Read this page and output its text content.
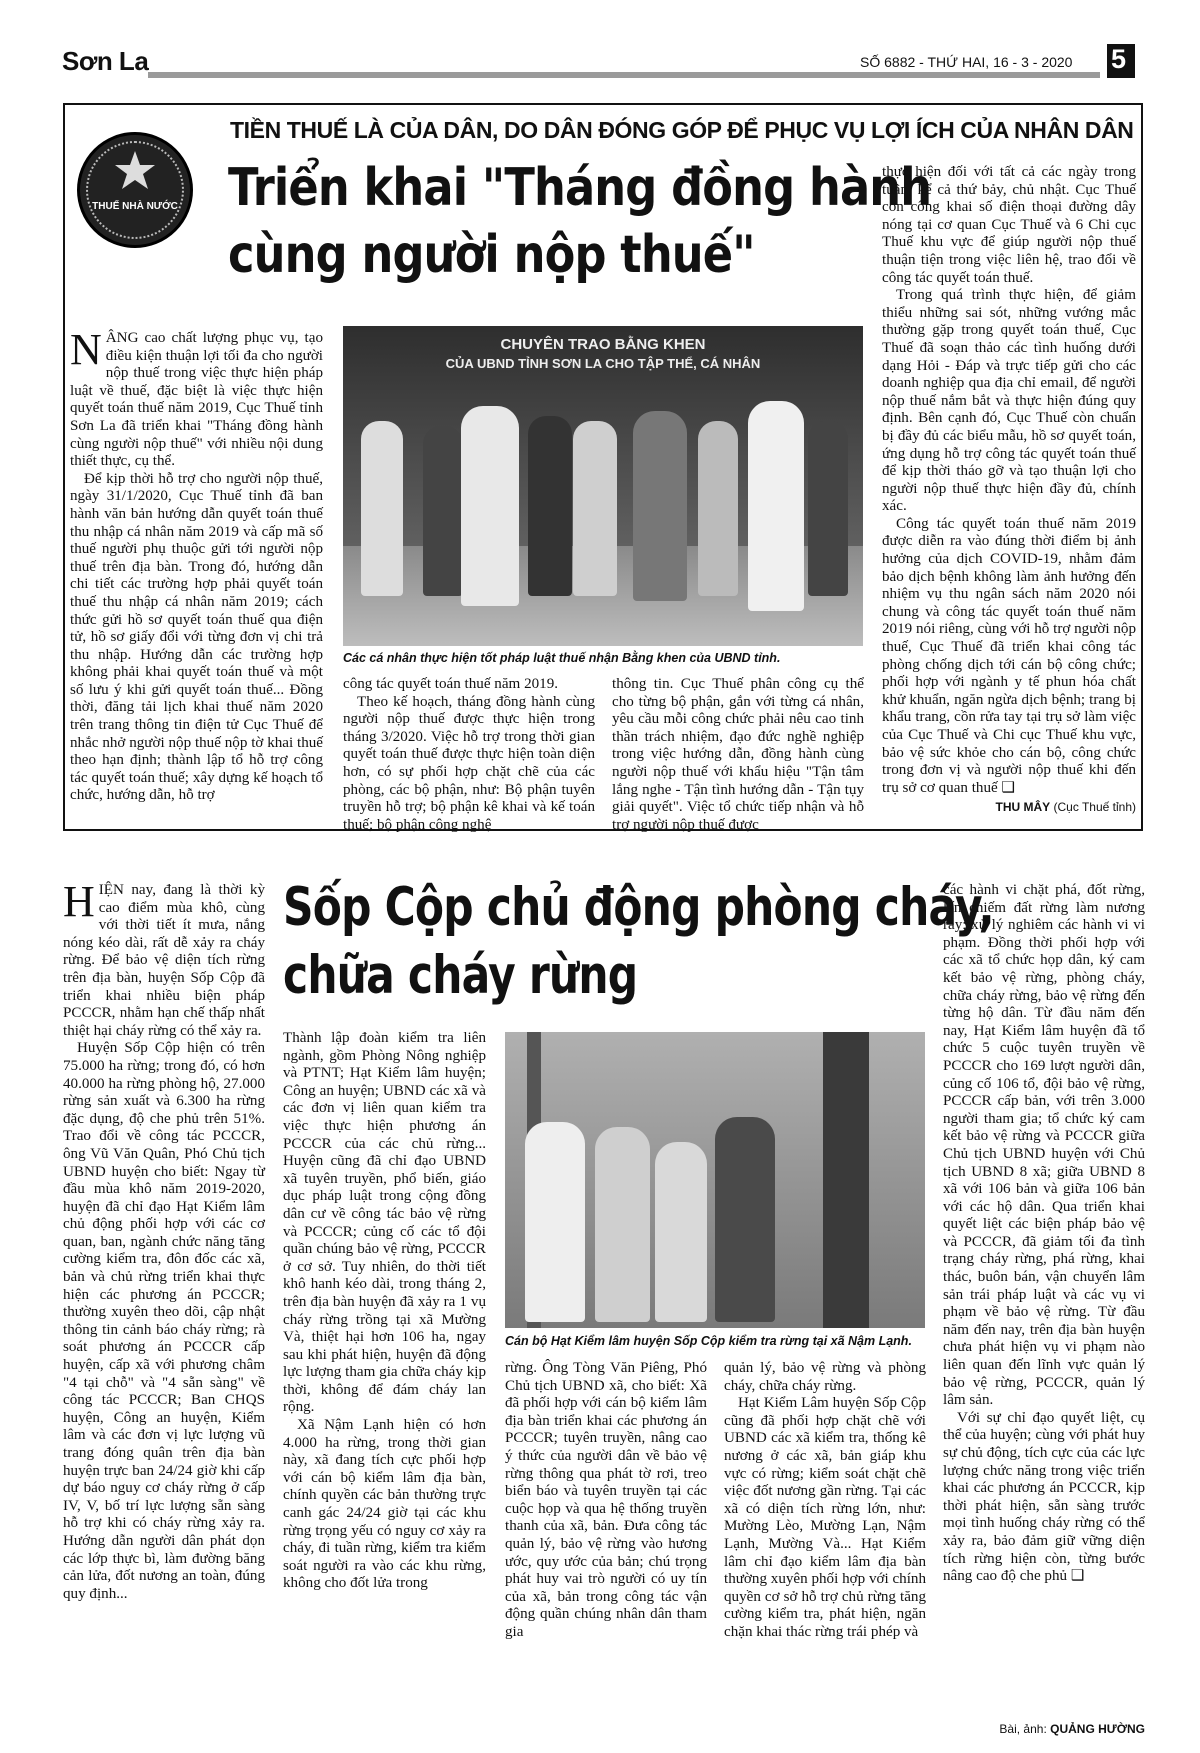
Sơn La	SỐ 6882 - THỨ HAI, 16 - 3 - 2020 5
THUẾ NHÀ NƯỚC
TIỀN THUẾ LÀ CỦA DÂN, DO DÂN ĐÓNG GÓP ĐỂ PHỤC VỤ LỢI ÍCH CỦA NHÂN DÂN
Triển khai "Tháng đồng hành
cùng người nộp thuế"
CHUYÊN TRAO BẰNG KHEN
CỦA UBND TỈNH SƠN LA CHO TẬP THỂ, CÁ NHÂN
Các cá nhân thực hiện tốt pháp luật thuế nhận Bằng khen của UBND tỉnh.
N ÂNG cao chất lượng phục vụ, tạo điều kiện thuận lợi tối đa cho người nộp thuế trong việc thực hiện pháp luật về thuế, đặc biệt là việc thực hiện quyết toán thuế năm 2019, Cục Thuế tỉnh Sơn La đã triển khai "Tháng đồng hành cùng người nộp thuế" với nhiều nội dung thiết thực, cụ thể.

Để kịp thời hỗ trợ cho người nộp thuế, ngày 31/1/2020, Cục Thuế tỉnh đã ban hành văn bản hướng dẫn quyết toán thuế thu nhập cá nhân năm 2019 và cấp mã số thuế người phụ thuộc gửi tới người nộp thuế trên địa bàn. Trong đó, hướng dẫn chi tiết các trường hợp phải quyết toán thuế thu nhập cá nhân năm 2019; cách thức gửi hồ sơ quyết toán thuế qua điện tử, hồ sơ giấy đổi với từng đơn vị chi trả thu nhập. Hướng dẫn các trường hợp không phải khai quyết toán thuế và một số lưu ý khi gửi quyết toán thuế... Đồng thời, đăng tải lịch khai thuế năm 2020 trên trang thông tin điện tử Cục Thuế để nhắc nhở người nộp thuế nộp tờ khai thuế theo hạn định; thành lập tổ hỗ trợ công tác quyết toán thuế; xây dựng kế hoạch tổ chức, hướng dẫn, hỗ trợ

công tác quyết toán thuế năm 2019.

Theo kế hoạch, tháng đồng hành cùng người nộp thuế được thực hiện trong tháng 3/2020. Việc hỗ trợ trong thời gian quyết toán thuế được thực hiện toàn diện hơn, có sự phối hợp chặt chẽ của các phòng, các bộ phận, như: Bộ phận tuyên truyền hỗ trợ; bộ phận kê khai và kế toán thuế; bộ phận công nghệ

thông tin. Cục Thuế phân công cụ thể cho từng bộ phận, gắn với từng cá nhân, yêu cầu mỗi công chức phải nêu cao tinh thần trách nhiệm, đạo đức nghề nghiệp trong việc hướng dẫn, đồng hành cùng người nộp thuế với khẩu hiệu "Tận tâm lắng nghe - Tận tình hướng dẫn - Tận tụy giải quyết". Việc tổ chức tiếp nhận và hỗ trợ người nộp thuế được

thực hiện đối với tất cả các ngày trong tuần, kể cả thứ bảy, chủ nhật. Cục Thuế còn công khai số điện thoại đường dây nóng tại cơ quan Cục Thuế và 6 Chi cục Thuế khu vực để giúp người nộp thuế thuận tiện trong việc liên hệ, trao đổi về công tác quyết toán thuế.

Trong quá trình thực hiện, để giảm thiểu những sai sót, những vướng mắc thường gặp trong quyết toán thuế, Cục Thuế đã soạn thảo các tình huống dưới dạng Hỏi - Đáp và trực tiếp gửi cho các doanh nghiệp qua địa chỉ email, để người nộp thuế nắm bắt và thực hiện đúng quy định. Bên cạnh đó, Cục Thuế còn chuẩn bị đầy đủ các biểu mẫu, hồ sơ quyết toán, ứng dụng hỗ trợ công tác quyết toán thuế để kịp thời tháo gỡ và tạo thuận lợi cho người nộp thuế thực hiện đầy đủ, chính xác.

Công tác quyết toán thuế năm 2019 được diễn ra vào đúng thời điểm bị ảnh hưởng của dịch COVID-19, nhằm đảm bảo dịch bệnh không làm ảnh hưởng đến nhiệm vụ thu ngân sách năm 2020 nói chung và công tác quyết toán thuế năm 2019 nói riêng, cùng với hỗ trợ người nộp thuế, Cục Thuế đã triển khai công tác phòng chống dịch tới cán bộ công chức; phối hợp với ngành y tế phun hóa chất khử khuẩn, ngăn ngừa dịch bệnh; trang bị khẩu trang, cồn rửa tay tại trụ sở làm việc của Cục Thuế và Chi cục Thuế khu vực, bảo vệ sức khỏe cho cán bộ, công chức trong đơn vị và người nộp thuế khi đến trụ sở cơ quan thuế ❑

THU MÂY (Cục Thuế tỉnh)
H IỆN nay, đang là thời kỳ cao điểm mùa khô, cùng với thời tiết ít mưa, nắng nóng kéo dài, rất dễ xảy ra cháy rừng. Để bảo vệ diện tích rừng trên địa bàn, huyện Sốp Cộp đã triển khai nhiều biện pháp PCCCR, nhằm hạn chế thấp nhất thiệt hại cháy rừng có thể xảy ra.

Huyện Sốp Cộp hiện có trên 75.000 ha rừng; trong đó, có hơn 40.000 ha rừng phòng hộ, 27.000 rừng sản xuất và 6.300 ha rừng đặc dụng, độ che phủ trên 51%. Trao đổi về công tác PCCCR, ông Vũ Văn Quân, Phó Chủ tịch UBND huyện cho biết: Ngay từ đầu mùa khô năm 2019-2020, huyện đã chỉ đạo Hạt Kiểm lâm chủ động phối hợp với các cơ quan, ban, ngành chức năng tăng cường kiểm tra, đôn đốc các xã, bản và chủ rừng triển khai thực hiện các phương án PCCCR; thường xuyên theo dõi, cập nhật thông tin cảnh báo cháy rừng; rà soát phương án PCCCR cấp huyện, cấp xã với phương châm "4 tại chỗ" và "4 sẵn sàng" về công tác PCCCR; Ban CHQS huyện, Công an huyện, Kiểm lâm và các đơn vị lực lượng vũ trang đóng quân trên địa bàn huyện trực ban 24/24 giờ khi cấp dự báo nguy cơ cháy rừng ở cấp IV, V, bố trí lực lượng sẵn sàng hỗ trợ khi có cháy rừng xảy ra. Hướng dẫn người dân phát dọn các lớp thực bì, làm đường băng cản lửa, đốt nương an toàn, đúng quy định...

Sốp Cộp chủ động phòng cháy,
chữa cháy rừng

Thành lập đoàn kiểm tra liên ngành, gồm Phòng Nông nghiệp và PTNT; Hạt Kiểm lâm huyện; Công an huyện; UBND các xã và các đơn vị liên quan kiểm tra việc thực hiện phương án PCCCR của các chủ rừng... Huyện cũng đã chỉ đạo UBND xã tuyên truyền, phổ biến, giáo dục pháp luật trong cộng đồng dân cư về công tác bảo vệ rừng và PCCCR; củng cố các tổ đội quần chúng bảo vệ rừng, PCCCR ở cơ sở. Tuy nhiên, do thời tiết khô hanh kéo dài, trong tháng 2, trên địa bàn huyện đã xảy ra 1 vụ cháy rừng trồng tại xã Mường Và, thiệt hại hơn 106 ha, ngay sau khi phát hiện, huyện đã động lực lượng tham gia chữa cháy kịp thời, không để đám cháy lan rộng.

Xã Nậm Lạnh hiện có hơn 4.000 ha rừng, trong thời gian này, xã đang tích cực phối hợp với cán bộ kiểm lâm địa bàn, chính quyền các bản thường trực canh gác 24/24 giờ tại các khu rừng trọng yếu có nguy cơ xảy ra cháy, đi tuần rừng, kiểm tra kiểm soát người ra vào các khu rừng, không cho đốt lửa trong

Cán bộ Hạt Kiểm lâm huyện Sốp Cộp kiểm tra rừng tại xã Nậm Lạnh.

rừng. Ông Tòng Văn Piêng, Phó Chủ tịch UBND xã, cho biết: Xã đã phối hợp với cán bộ kiểm lâm địa bàn triển khai các phương án PCCCR; tuyên truyền, nâng cao ý thức của người dân về bảo vệ rừng thông qua phát tờ rơi, treo biển báo và tuyên truyền tại các cuộc họp và qua hệ thống truyền thanh của xã, bản. Đưa công tác quản lý, bảo vệ rừng vào hương ước, quy ước của bản; chú trọng phát huy vai trò người có uy tín của xã, bản trong công tác vận động quần chúng nhân dân tham gia

quản lý, bảo vệ rừng và phòng cháy, chữa cháy rừng.

Hạt Kiểm Lâm huyện Sốp Cộp cũng đã phối hợp chặt chẽ với UBND các xã kiểm tra, thống kê nương ở các xã, bản giáp khu vực có rừng; kiểm soát chặt chẽ việc đốt nương gần rừng. Tại các xã có diện tích rừng lớn, như: Mường Lèo, Mường Lạn, Nậm Lạnh, Mường Và... Hạt Kiểm lâm chỉ đạo kiểm lâm địa bàn thường xuyên phối hợp với chính quyền cơ sở hỗ trợ chủ rừng tăng cường kiểm tra, phát hiện, ngăn chặn khai thác rừng trái phép và

các hành vi chặt phá, đốt rừng, lấn chiếm đất rừng làm nương rẫy; xử lý nghiêm các hành vi vi phạm. Đồng thời phối hợp với các xã tổ chức họp dân, ký cam kết bảo vệ rừng, phòng cháy, chữa cháy rừng, bảo vệ rừng đến từng hộ dân. Từ đầu năm đến nay, Hạt Kiểm lâm huyện đã tổ chức 5 cuộc tuyên truyền về PCCCR cho 169 lượt người dân, củng cố 106 tổ, đội bảo vệ rừng, PCCCR cấp bản, với trên 3.000 người tham gia; tổ chức ký cam kết bảo vệ rừng và PCCCR giữa Chủ tịch UBND huyện với Chủ tịch UBND 8 xã; giữa UBND 8 xã với 106 bản và giữa 106 bản với các hộ dân. Qua triển khai quyết liệt các biện pháp bảo vệ và PCCCR, đã giảm tối đa tình trạng cháy rừng, phá rừng, khai thác, buôn bán, vận chuyển lâm sản trái pháp luật và các vụ vi phạm về bảo vệ rừng. Từ đầu năm đến nay, trên địa bàn huyện chưa phát hiện vụ vi phạm nào liên quan đến lĩnh vực quản lý bảo vệ rừng, PCCCR, quản lý lâm sản.

Với sự chỉ đạo quyết liệt, cụ thể của huyện; cùng với phát huy sự chủ động, tích cực của các lực lượng chức năng trong việc triển khai các phương án PCCCR, kịp thời phát hiện, sẵn sàng trước mọi tình huống cháy rừng có thể xảy ra, bảo đảm giữ vững diện tích rừng hiện còn, từng bước nâng cao độ che phủ ❑

Bài, ảnh: QUẢNG HƯỜNG
